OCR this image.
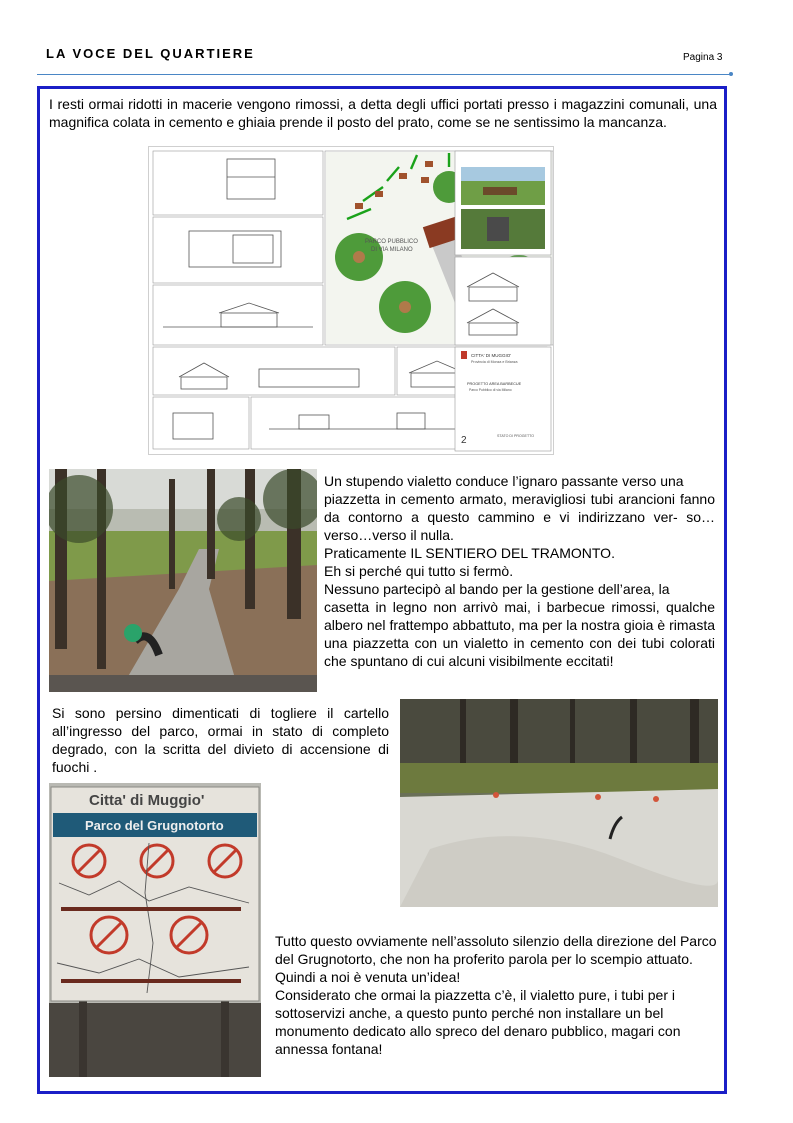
LA VOCE DEL QUARTIERE	Pagina 3
I resti ormai ridotti in macerie vengono rimossi, a detta degli uffici portati presso i magazzini comunali, una magnifica colata in cemento e ghiaia prende il posto del prato, come se ne sentissimo la mancanza.
PARCO PUBBLICO
DI VIA MILANO
CITTA' DI MUGGIO'
Provincia di Monza e Brianza
PROGETTO AREA BARBECUE
Parco Pubblico di via Milano
2	STATO DI PROGETTO
Un stupendo vialetto conduce l’ignaro passante verso una
piazzetta in cemento armato, meravigliosi tubi arancioni fanno da contorno a questo cammino e vi indirizzano ver- so…verso…verso il nulla.
Praticamente IL SENTIERO DEL TRAMONTO.
Eh si perché qui tutto si fermò.
Nessuno partecipò al bando per la gestione dell’area, la
casetta in legno non arrivò mai, i barbecue rimossi, qualche albero nel frattempo abbattuto, ma per la nostra gioia è rimasta una piazzetta con un vialetto in cemento con dei tubi colorati che spuntano di cui alcuni visibilmente eccitati!
Si sono persino dimenticati di togliere il cartello all’ingresso del parco, ormai in stato di completo degrado, con la scritta del divieto di accensione di fuochi .
Citta' di Muggio'
Parco del Grugnotorto
Tutto questo ovviamente nell’assoluto silenzio della direzione del Parco del Grugnotorto, che non ha proferito parola per lo scempio attuato.
Quindi a noi è venuta un’idea!
Considerato che ormai la piazzetta c’è, il vialetto pure, i tubi per i sottoservizi anche, a questo punto perché non installare un bel monumento dedicato allo spreco del denaro pubblico, magari con annessa fontana!
